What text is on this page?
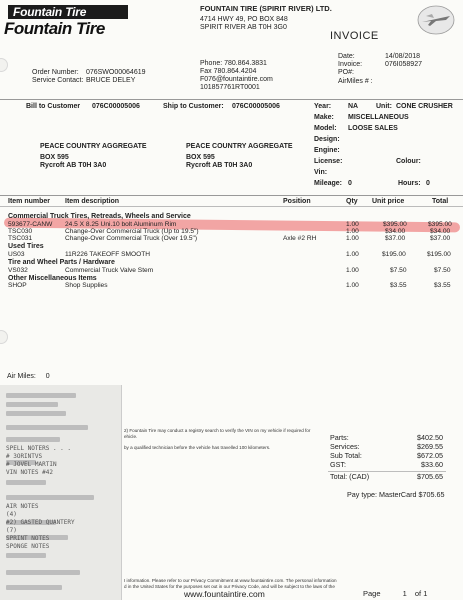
Fountain Tire
Fountain Tire
FOUNTAIN TIRE (SPIRIT RIVER) LTD.
4714 HWY 49, PO BOX 848
SPIRIT RIVER AB T0H 3G0
INVOICE
Phone: 780.864.3831
Fax 780.864.4204
F076@fountaintire.com
101857761RT0001
Order Number: 076SWO00064619
Service Contact: BRUCE DELEY
Date:	14/08/2018
Invoice:	076I058927
PO#:
AirMiles # :
Bill to Customer 076C00005006	Ship to Customer: 076C00005006
PEACE COUNTRY AGGREGATE
BOX 595
Rycroft AB T0H 3A0
PEACE COUNTRY AGGREGATE
BOX 595
Rycroft AB T0H 3A0
Year: NA	Unit: CONE CRUSHER
Make: MISCELLANEOUS
Model: LOOSE SALES
Design:
Engine:
License:	Colour:
Vin:
Mileage: 0	Hours: 0
Item number Item description	Position	Qty Unit price	Total
Commercial Truck Tires, Retreads, Wheels and Service
593677-CANW 24.5 X 8.25 Uni.10 bolt Aluminum Rim	1.00	$395.00	$395.00
TSC030	Change-Over Commercial Truck (Up to 19.5")	1.00	$34.00	$34.00
TSC031	Change-Over Commercial Truck (Over 19.5")	Axle #2 RH	1.00	$37.00	$37.00
Used Tires
US03	11R226 TAKEOFF SMOOTH	1.00	$195.00	$195.00
Tire and Wheel Parts / Hardware
VS032	Commercial Truck Valve Stem	1.00	$7.50	$7.50
Other Miscellaneous Items
SHOP	Shop Supplies	1.00	$3.55	$3.55
Air Miles: 0
SPELL NOTERS . . .
# 3ORINTVS
# JOVEL MARTIN
VIN NOTES #42
AIR NOTES
(4)
#2) GASTED QUANTERY
(7)
SPRINT NOTES
SPONGE NOTES
2) Fountain Tire may conduct a registry search to verify the VIN on my vehicle if required for
ehicle.
by a qualified technician before the vehicle has travelled 100 kilometers.
Parts:	$402.50
Services:	$269.55
Sub Total:	$672.05
GST:	$33.60
Total: (CAD)	$705.65
Pay type: MasterCard $705.65
I information. Please refer to our Privacy Commitment at www.fountaintire.com. The personal information
d in the United States for the purposes set out in our Privacy Code, and will be subject to the laws of the
Page	1 of 1
www.fountaintire.com
